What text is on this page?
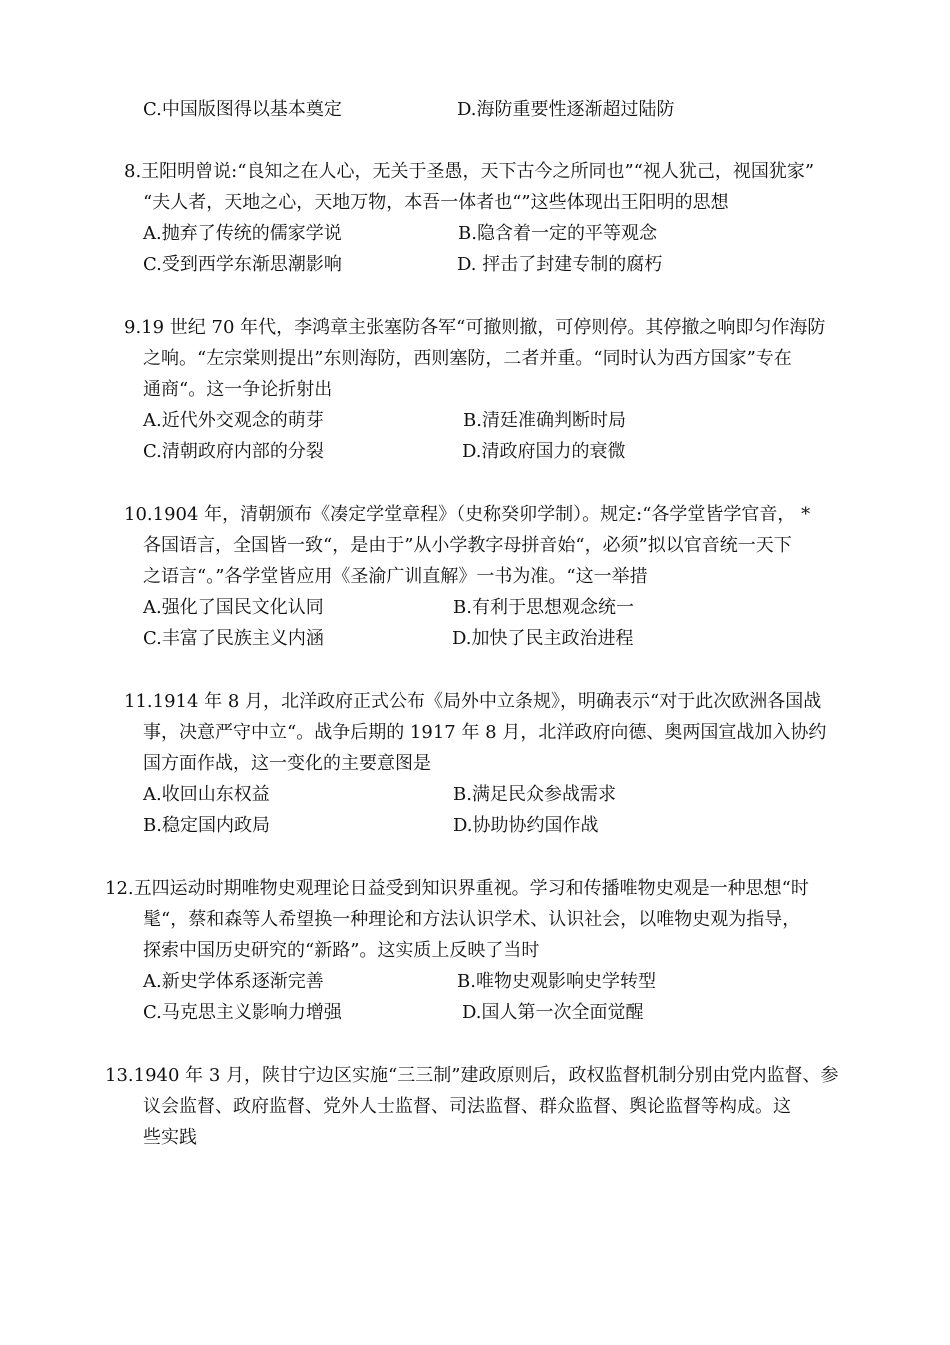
C.中国版图得以基本奠定	D.海防重要性逐渐超过陆防
8.王阳明曾说:“良知之在人心，无关于圣愚，天下古今之所同也”“视人犹己，视国犹家”
“夫人者，天地之心，天地万物，本吾一体者也“”这些体现出王阳明的思想
A.抛弃了传统的儒家学说	B.隐含着一定的平等观念
C.受到西学东渐思潮影响	D. 抨击了封建专制的腐朽
9.19 世纪 70 年代，李鸿章主张塞防各军“可撤则撤，可停则停。其停撤之响即匀作海防
之响。“左宗棠则提出”东则海防，西则塞防，二者并重。“同时认为西方国家”专在
通商“。这一争论折射出
A.近代外交观念的萌芽	B.清廷准确判断时局
C.清朝政府内部的分裂	D.清政府国力的衰微
10.1904 年，清朝颁布《凑定学堂章程》（史称癸卯学制）。规定:“各学堂皆学官音， *
各国语言，全国皆一致“，是由于”从小学教字母拼音始“，必须”拟以官音统一天下
之语言“。”各学堂皆应用《圣渝广训直解》一书为准。“这一举措
A.强化了国民文化认同	B.有利于思想观念统一
C.丰富了民族主义内涵	D.加快了民主政治进程
11.1914 年 8 月，北洋政府正式公布《局外中立条规》，明确表示“对于此次欧洲各国战
事，决意严守中立“。战争后期的 1917 年 8 月，北洋政府向德、奥两国宣战加入协约
国方面作战，这一变化的主要意图是
A.收回山东权益	B.满足民众参战需求
B.稳定国内政局	D.协助协约国作战
12.五四运动时期唯物史观理论日益受到知识界重视。学习和传播唯物史观是一种思想“时
髦“，蔡和森等人希望换一种理论和方法认识学术、认识社会，以唯物史观为指导，
探索中国历史研究的“新路”。这实质上反映了当时
A.新史学体系逐渐完善	B.唯物史观影响史学转型
C.马克思主义影响力增强	D.国人第一次全面觉醒
13.1940 年 3 月，陕甘宁边区实施“三三制”建政原则后，政权监督机制分别由党内监督、参
议会监督、政府监督、党外人士监督、司法监督、群众监督、舆论监督等构成。这
些实践
